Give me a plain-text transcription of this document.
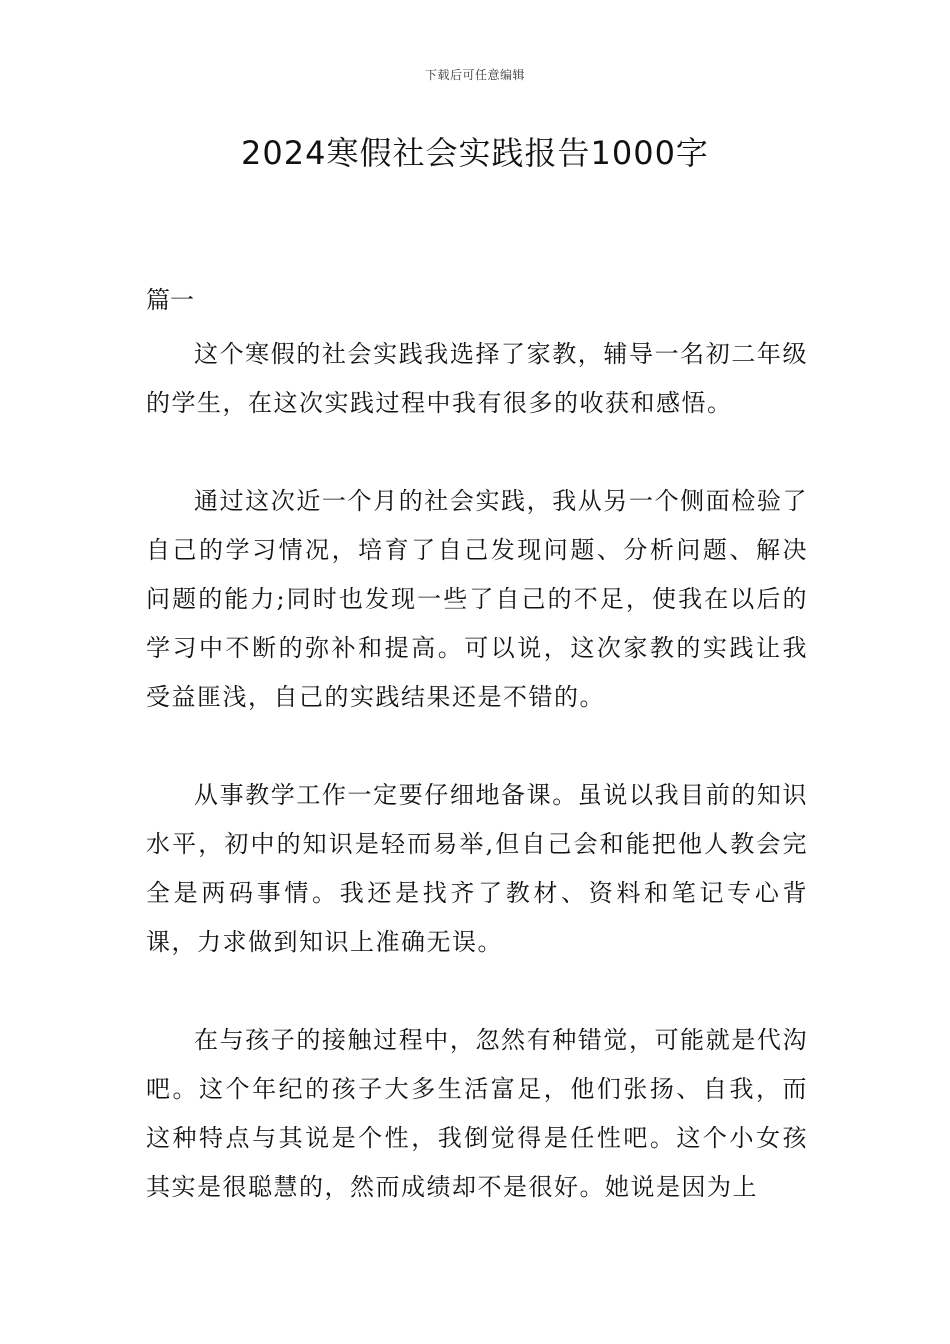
下载后可任意编辑
2024寒假社会实践报告1000字

篇一

这个寒假的社会实践我选择了家教，辅导一名初二年级的学生，在这次实践过程中我有很多的收获和感悟。

通过这次近一个月的社会实践，我从另一个侧面检验了自己的学习情况，培育了自己发现问题、分析问题、解决问题的能力;同时也发现一些了自己的不足，使我在以后的学习中不断的弥补和提高。可以说，这次家教的实践让我受益匪浅，自己的实践结果还是不错的。

从事教学工作一定要仔细地备课。虽说以我目前的知识水平，初中的知识是轻而易举,但自己会和能把他人教会完全是两码事情。我还是找齐了教材、资料和笔记专心背课，力求做到知识上准确无误。

在与孩子的接触过程中，忽然有种错觉，可能就是代沟吧。这个年纪的孩子大多生活富足，他们张扬、自我，而这种特点与其说是个性，我倒觉得是任性吧。这个小女孩其实是很聪慧的，然而成绩却不是很好。她说是因为上
